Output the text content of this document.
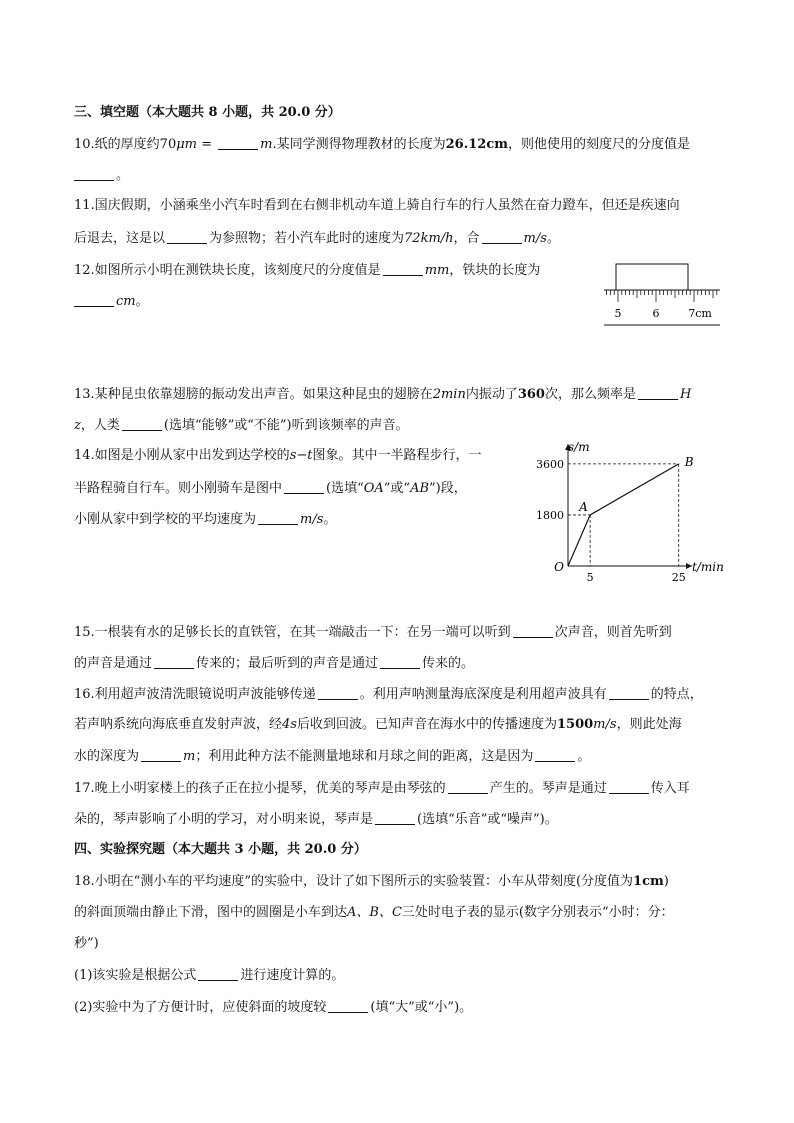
三、填空题（本大题共 8 小题，共 20.0 分）
10.纸的厚度约70μm =	m.某同学测得物理教材的长度为26.12cm，则他使用的刻度尺的分度值是
。
11.国庆假期，小涵乘坐小汽车时看到在右侧非机动车道上骑自行车的行人虽然在奋力蹬车，但还是疾速向
后退去，这是以	为参照物；若小汽车此时的速度为72km/h，合	m/s。
12.如图所示小明在测铁块长度，该刻度尺的分度值是	mm，铁块的长度为
cm。
5	6	7cm
13.某种昆虫依靠翅膀的振动发出声音。如果这种昆虫的翅膀在2min内振动了360次，那么频率是	H
z，人类	(选填“能够”或“不能”)听到该频率的声音。
14.如图是小刚从家中出发到达学校的s−t图象。其中一半路程步行，一
半路程骑自行车。则小刚骑车是图中	(选填“OA”或“AB”)段，
小刚从家中到学校的平均速度为	m/s。
s/m
t/min
O
1800
3600
5	25
A
B
15.一根装有水的足够长长的直铁管，在其一端敲击一下：在另一端可以听到	次声音，则首先听到
的声音是通过	传来的；最后听到的声音是通过	传来的。
16.利用超声波清洗眼镜说明声波能够传递	。利用声呐测量海底深度是利用超声波具有	的特点，
若声呐系统向海底垂直发射声波，经4s后收到回波。已知声音在海水中的传播速度为1500m/s，则此处海
水的深度为	m；利用此种方法不能测量地球和月球之间的距离，这是因为	。
17.晚上小明家楼上的孩子正在拉小提琴，优美的琴声是由琴弦的	产生的。琴声是通过	传入耳
朵的，琴声影响了小明的学习，对小明来说，琴声是	(选填“乐音”或“噪声”)。
四、实验探究题（本大题共 3 小题，共 20.0 分）
18.小明在“测小车的平均速度”的实验中，设计了如下图所示的实验装置：小车从带刻度(分度值为1cm)
的斜面顶端由静止下滑，图中的圆圈是小车到达A、B、C三处时电子表的显示(数字分别表示“小时：分：
秒”)
(1)该实验是根据公式	进行速度计算的。
(2)实验中为了方便计时，应使斜面的坡度较	(填“大”或“小”)。
